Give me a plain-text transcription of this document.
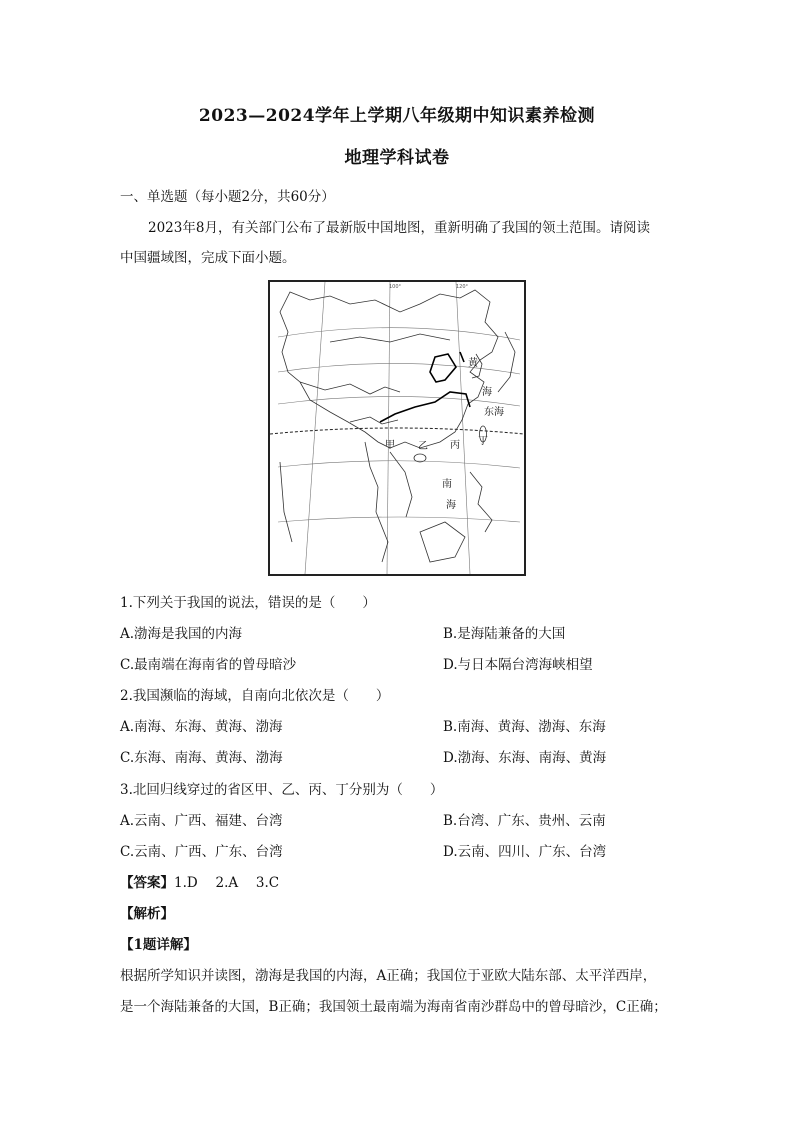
2023—2024学年上学期八年级期中知识素养检测
地理学科试卷
一、单选题（每小题2分，共60分）
2023年8月，有关部门公布了最新版中国地图，重新明确了我国的领土范围。请阅读
中国疆域图，完成下面小题。
黄
海
东海
甲 乙 丙 丁
南
海
100°	120°
1.下列关于我国的说法，错误的是（　　）
A.渤海是我国的内海	B.是海陆兼备的大国
C.最南端在海南省的曾母暗沙	D.与日本隔台湾海峡相望
2.我国濒临的海域，自南向北依次是（　　）
A.南海、东海、黄海、渤海	B.南海、黄海、渤海、东海
C.东海、南海、黄海、渤海	D.渤海、东海、南海、黄海
3.北回归线穿过的省区甲、乙、丙、丁分别为（　　）
A.云南、广西、福建、台湾	B.台湾、广东、贵州、云南
C.云南、广西、广东、台湾	D.云南、四川、广东、台湾
【答案】1.D　 2.A　 3.C
【解析】
【1题详解】
根据所学知识并读图，渤海是我国的内海，A正确；我国位于亚欧大陆东部、太平洋西岸，
是一个海陆兼备的大国，B正确；我国领土最南端为海南省南沙群岛中的曾母暗沙，C正确；
